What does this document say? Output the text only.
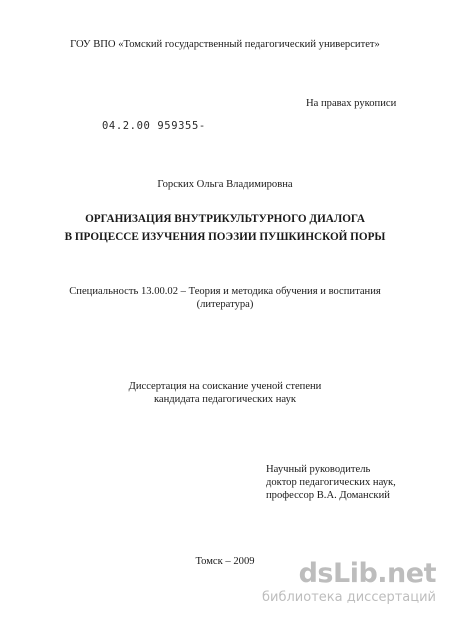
ГОУ ВПО «Томский государственный педагогический университет»
На правах рукописи
04.2.00 959355-
Горских Ольга Владимировна
ОРГАНИЗАЦИЯ ВНУТРИКУЛЬТУРНОГО ДИАЛОГА
В ПРОЦЕССЕ ИЗУЧЕНИЯ ПОЭЗИИ ПУШКИНСКОЙ ПОРЫ
Специальность 13.00.02 – Теория и методика обучения и воспитания
(литература)
Диссертация на соискание ученой степени
кандидата педагогических наук
Научный руководитель
доктор педагогических наук,
профессор В.А. Доманский
Томск – 2009	dsLib.net
библиотека диссертаций
